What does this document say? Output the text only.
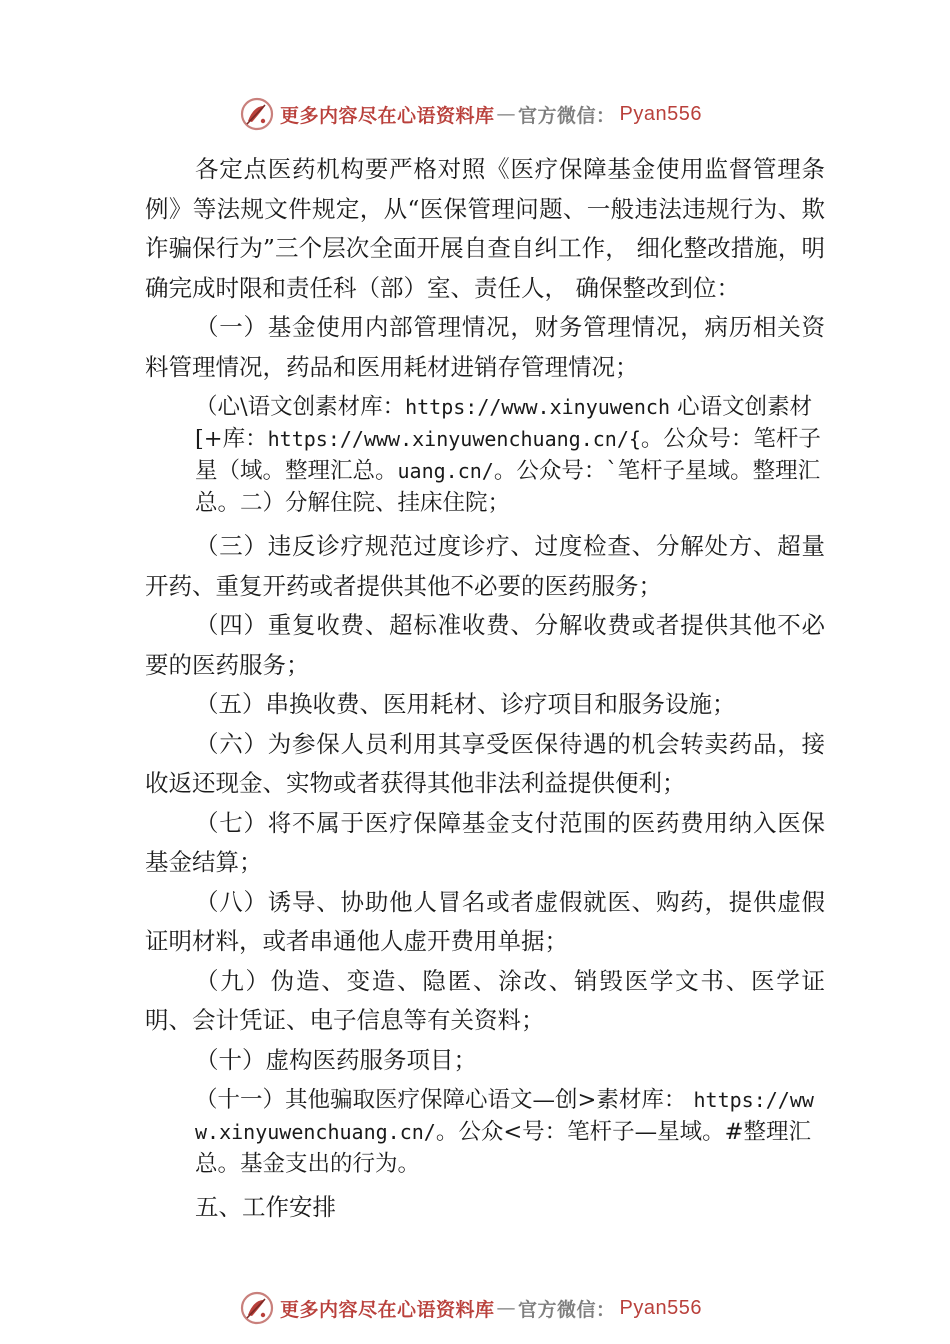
更多内容尽在心语资料库 — 官方微信： Pyan556

各定点医药机构要严格对照《医疗保障基金使用监督管理条例》等法规文件规定，从“医保管理问题、一般违法违规行为、欺诈骗保行为”三个层次全面开展自查自纠工作， 细化整改措施，明确完成时限和责任科（部）室、责任人， 确保整改到位：

（一）基金使用内部管理情况，财务管理情况，病历相关资料管理情况，药品和医用耗材进销存管理情况；

（心\语文创素材库：https://www.xinyuwench 心语文创素材[+库：https://www.xinyuwenchuang.cn/{。公众号：笔杆子星（域。整理汇总。uang.cn/。公众号：`笔杆子星域。整理汇总。二）分解住院、挂床住院；

（三）违反诊疗规范过度诊疗、过度检查、分解处方、超量开药、重复开药或者提供其他不必要的医药服务；

（四）重复收费、超标准收费、分解收费或者提供其他不必要的医药服务；

（五）串换收费、医用耗材、诊疗项目和服务设施；

（六）为参保人员利用其享受医保待遇的机会转卖药品，接收返还现金、实物或者获得其他非法利益提供便利；

（七）将不属于医疗保障基金支付范围的医药费用纳入医保基金结算；

（八）诱导、协助他人冒名或者虚假就医、购药，提供虚假证明材料，或者串通他人虚开费用单据；

（九）伪造、变造、隐匿、涂改、销毁医学文书、医学证明、会计凭证、电子信息等有关资料；

（十）虚构医药服务项目；

（十一）其他骗取医疗保障心语文—创>素材库： https://www.xinyuwenchuang.cn/。公众<号：笔杆子—星域。#整理汇总。基金支出的行为。

五、工作安排

更多内容尽在心语资料库 — 官方微信： Pyan556
